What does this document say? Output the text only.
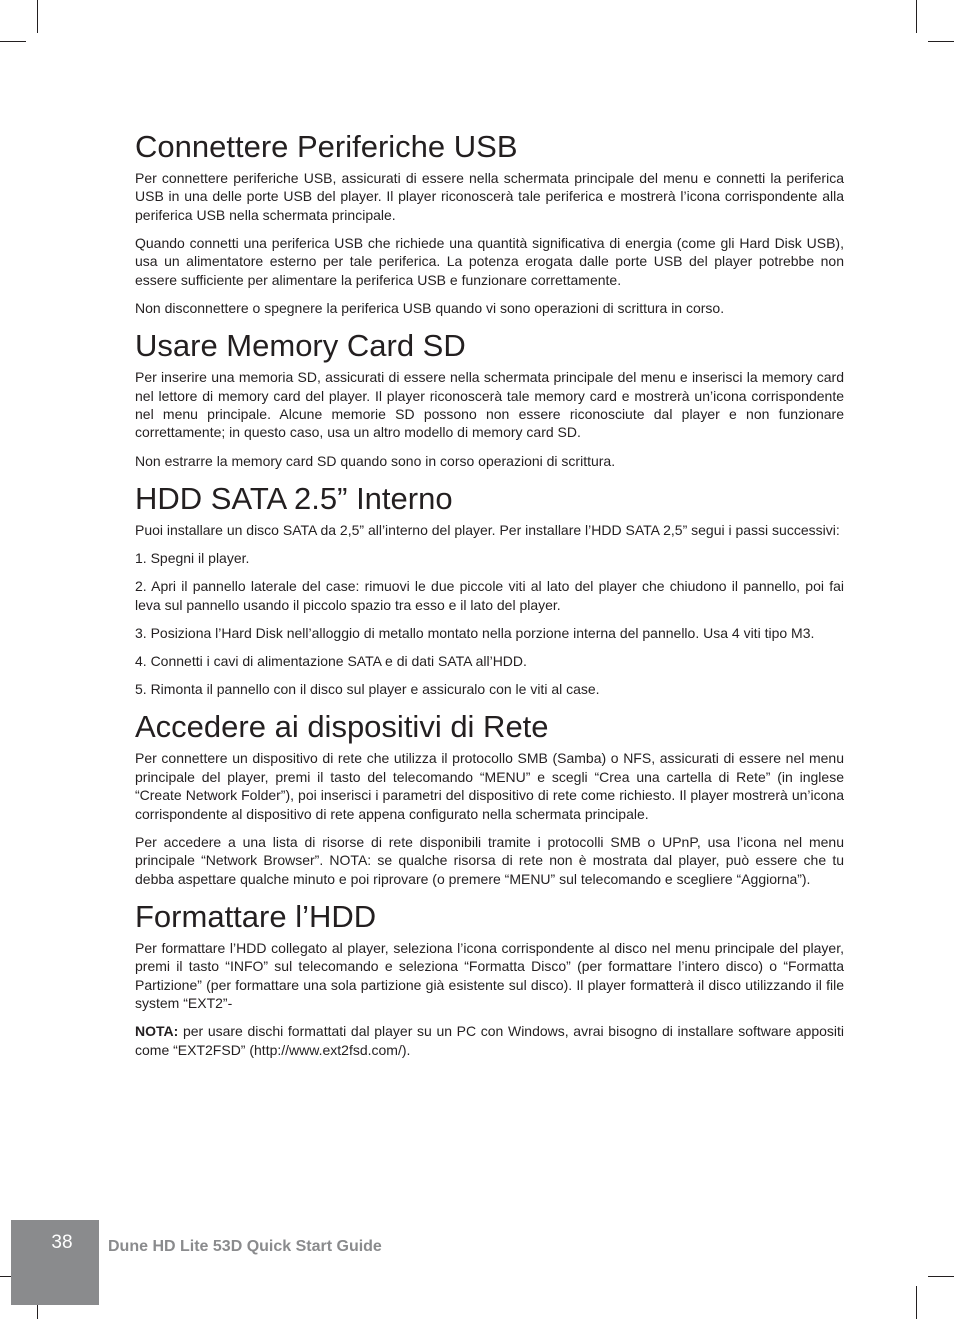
Connettere Periferiche USB

Per connettere periferiche USB, assicurati di essere nella schermata principale del menu e connetti la periferica USB in una delle porte USB del player. Il player riconoscerà tale periferica e mostrerà l’icona corrispondente alla periferica USB nella schermata principale.

Quando connetti una periferica USB che richiede una quantità significativa di energia (come gli Hard Disk USB), usa un alimentatore esterno per tale periferica. La potenza erogata dalle porte USB del player potrebbe non essere sufficiente per alimentare la periferica USB e funzionare correttamente.

Non disconnettere o spegnere la periferica USB quando vi sono operazioni di scrittura in corso.

Usare Memory Card SD

Per inserire una memoria SD, assicurati di essere nella schermata principale del menu e inserisci la memory card nel lettore di memory card del player. Il player riconoscerà tale memory card e mostrerà un’icona corrispondente nel menu principale. Alcune memorie SD possono non essere riconosciute dal player e non funzionare correttamente; in questo caso, usa un altro modello di memory card SD.

Non estrarre la memory card SD quando sono in corso operazioni di scrittura.

HDD SATA 2.5” Interno

Puoi installare un disco SATA da 2,5” all’interno del player. Per installare l’HDD SATA 2,5” segui i passi successivi:

1. Spegni il player.

2. Apri il pannello laterale del case: rimuovi le due piccole viti al lato del player che chiudono il pannello, poi fai leva sul pannello usando il piccolo spazio tra esso e il lato del player.

3. Posiziona l’Hard Disk nell’alloggio di metallo montato nella porzione interna del pannello. Usa 4 viti tipo M3.

4. Connetti i cavi di alimentazione SATA e di dati SATA all’HDD.

5. Rimonta il pannello con il disco sul player e assicuralo con le viti al case.

Accedere ai dispositivi di Rete

Per connettere un dispositivo di rete che utilizza il protocollo SMB (Samba) o NFS, assicurati di essere nel menu principale del player, premi il tasto del telecomando “MENU” e scegli “Crea una cartella di Rete” (in inglese “Create Network Folder”), poi inserisci i parametri del dispositivo di rete come richiesto. Il player mostrerà un’icona corrispondente al dispositivo di rete appena configurato nella schermata principale.

Per accedere a una lista di risorse di rete disponibili tramite i protocolli SMB o UPnP, usa l’icona nel menu principale “Network Browser”. NOTA: se qualche risorsa di rete non è mostrata dal player, può essere che tu debba aspettare qualche minuto e poi riprovare (o premere “MENU” sul telecomando e scegliere “Aggiorna”).

Formattare l’HDD

Per formattare l’HDD collegato al player, seleziona l’icona corrispondente al disco nel menu principale del player, premi il tasto “INFO” sul telecomando e seleziona “Formatta Disco” (per formattare l’intero disco) o “Formatta Partizione” (per formattare una sola partizione già esistente sul disco). Il player formatterà il disco utilizzando il file system “EXT2”-

NOTA: per usare dischi formattati dal player su un PC con Windows, avrai bisogno di installare software appositi come “EXT2FSD” (http://www.ext2fsd.com/).

38	Dune HD Lite 53D Quick Start Guide
